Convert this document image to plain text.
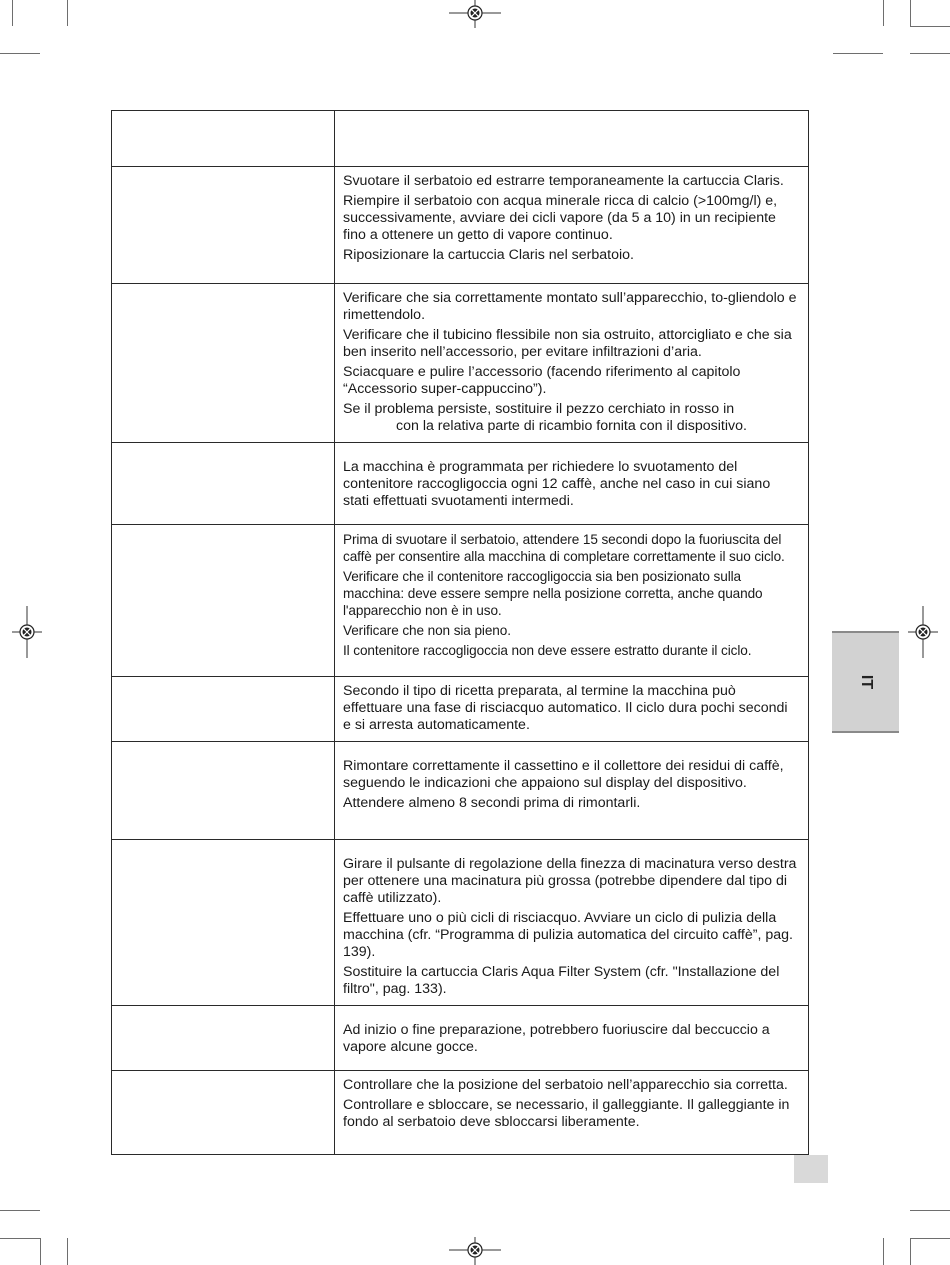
	Svuotare il serbatoio ed estrarre temporaneamente la cartuccia Claris.

Riempire il serbatoio con acqua minerale ricca di calcio (>100mg/l) e, successivamente, avviare dei cicli vapore (da 5 a 10) in un recipiente fino a ottenere un getto di vapore continuo.

Riposizionare la cartuccia Claris nel serbatoio.

	Verificare che sia correttamente montato sull’apparecchio, to-gliendolo e rimettendolo.

Verificare che il tubicino flessibile non sia ostruito, attorcigliato e che sia ben inserito nell’accessorio, per evitare infiltrazioni d’aria.

Sciacquare e pulire l’accessorio (facendo riferimento al capitolo “Accessorio super-cappuccino”).

Se il problema persiste, sostituire il pezzo cerchiato in rosso in

con la relativa parte di ricambio fornita con il dispositivo.

	La macchina è programmata per richiedere lo svuotamento del contenitore raccogligoccia ogni 12 caffè, anche nel caso in cui siano stati effettuati svuotamenti intermedi.

	Prima di svuotare il serbatoio, attendere 15 secondi dopo la fuoriuscita del caffè per consentire alla macchina di completare correttamente il suo ciclo.

Verificare che il contenitore raccogligoccia sia ben posizionato sulla macchina: deve essere sempre nella posizione corretta, anche quando l'apparecchio non è in uso.

Verificare che non sia pieno.

Il contenitore raccogligoccia non deve essere estratto durante il ciclo.

	Secondo il tipo di ricetta preparata, al termine la macchina può effettuare una fase di risciacquo automatico. Il ciclo dura pochi secondi e si arresta automaticamente.

	Rimontare correttamente il cassettino e il collettore dei residui di caffè, seguendo le indicazioni che appaiono sul display del dispositivo.

Attendere almeno 8 secondi prima di rimontarli.

	Girare il pulsante di regolazione della finezza di macinatura verso destra per ottenere una macinatura più grossa (potrebbe dipendere dal tipo di caffè utilizzato).

Effettuare uno o più cicli di risciacquo. Avviare un ciclo di pulizia della macchina (cfr. “Programma di pulizia automatica del circuito caffè”, pag. 139).

Sostituire la cartuccia Claris Aqua Filter System (cfr. "Installazione del filtro", pag. 133).

	Ad inizio o fine preparazione, potrebbero fuoriuscire dal beccuccio a vapore alcune gocce.

	Controllare che la posizione del serbatoio nell’apparecchio sia corretta.

Controllare e sbloccare, se necessario, il galleggiante. Il galleggiante in fondo al serbatoio deve sbloccarsi liberamente.

IT
